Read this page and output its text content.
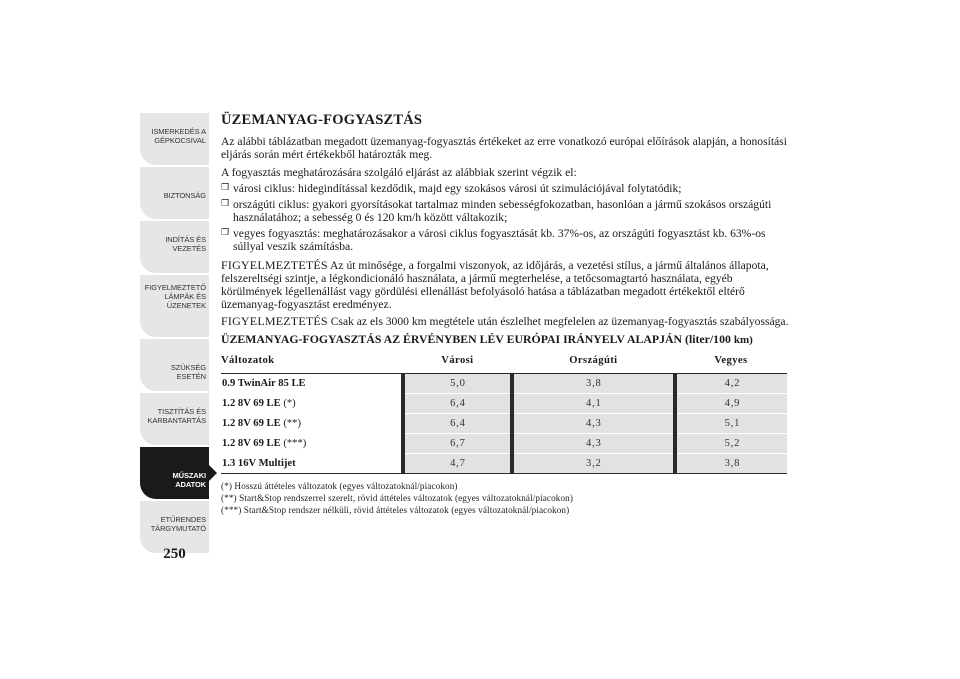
ISMERKEDÉS A
GÉPKOCSIVAL
BIZTONSÁG
INDÍTÁS ÉS
VEZETÉS
FIGYELMEZTETŐ
LÁMPÁK ÉS
ÜZENETEK
SZÜKSÉG ESETÉN
TISZTÍTÁS ÉS
KARBANTARTÁS
MŰSZAKI ADATOK
ETŰRENDES
TÁRGYMUTATÓ
250
ÜZEMANYAG-FOGYASZTÁS

Az alábbi táblázatban megadott üzemanyag-fogyasztás értékeket az erre vonatkozó európai előírások alapján, a honosítási eljárás során mért értékekből határozták meg.

A fogyasztás meghatározására szolgáló eljárást az alábbiak szerint végzik el:

❒ városi ciklus: hidegindítással kezdődik, majd egy szokásos városi út szimulációjával folytatódik;
❒ országúti ciklus: gyakori gyorsításokat tartalmaz minden sebességfokozatban, hasonlóan a jármű szokásos országúti használatához; a sebesség 0 és 120 km/h között váltakozik;
❒ vegyes fogyasztás: meghatározásakor a városi ciklus fogyasztását kb. 37%-os, az országúti fogyasztást kb. 63%-os súllyal veszik számításba.

FIGYELMEZTETÉS Az út minősége, a forgalmi viszonyok, az időjárás, a vezetési stílus, a jármű általános állapota, felszereltségi szintje, a légkondicionáló használata, a jármű megterhelése, a tetőcsomagtartó használata, egyéb körülmények légellenállást vagy gördülési ellenállást befolyásoló hatása a táblázatban megadott értékektől eltérő üzemanyag-fogyasztást eredményez.

FIGYELMEZTETÉS Csak az els 3000 km megtétele után észlelhet megfelelen az üzemanyag-fogyasztás szabályossága.

ÜZEMANYAG-FOGYASZTÁS AZ ÉRVÉNYBEN LÉV EURÓPAI IRÁNYELV ALAPJÁN (liter/100 km)
Változatok	Városi	Országúti	Vegyes
0.9 TwinAir 85 LE	5,0	3,8	4,2
1.2 8V 69 LE (*)	6,4	4,1	4,9
1.2 8V 69 LE (**)	6,4	4,3	5,1
1.2 8V 69 LE (***)	6,7	4,3	5,2
1.3 16V Multijet	4,7	3,2	3,8
(*) Hosszú áttételes változatok (egyes változatoknál/piacokon)
(**) Start&Stop rendszerrel szerelt, rövid áttételes változatok (egyes változatoknál/piacokon)
(***) Start&Stop rendszer nélküli, rövid áttételes változatok (egyes változatoknál/piacokon)
